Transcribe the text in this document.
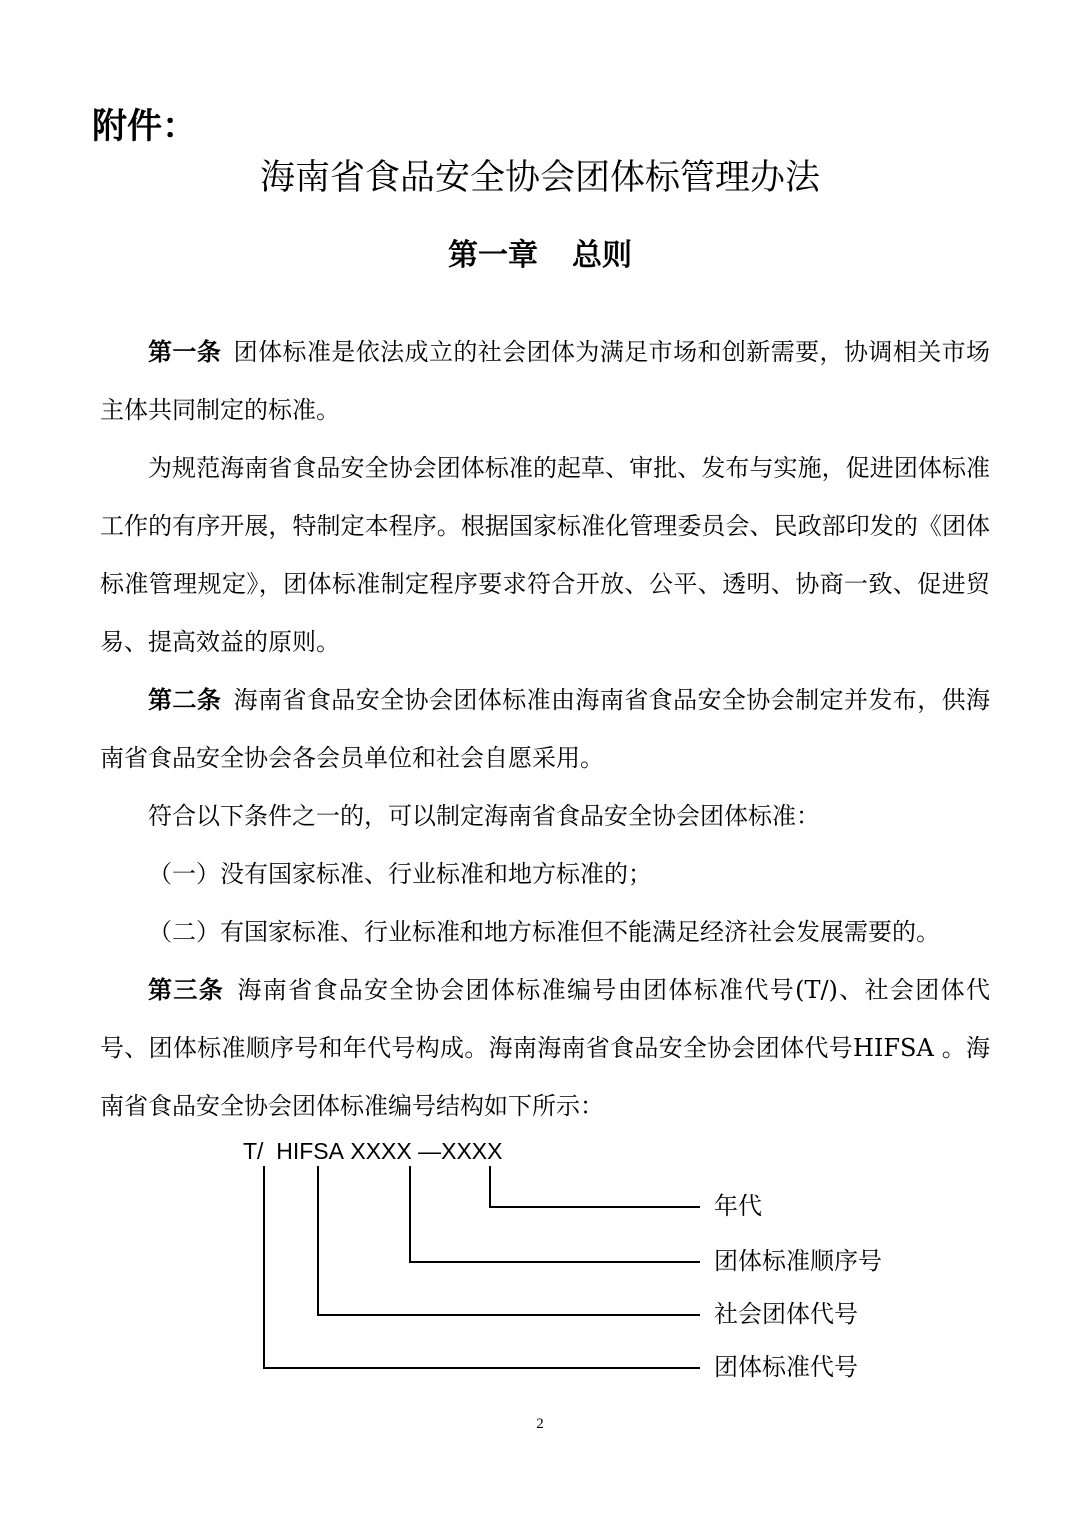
附件：
海南省食品安全协会团体标管理办法
第一章 总则

第一条 团体标准是依法成立的社会团体为满足市场和创新需要，协调相关市场主体共同制定的标准。

为规范海南省食品安全协会团体标准的起草、审批、发布与实施，促进团体标准工作的有序开展，特制定本程序。根据国家标准化管理委员会、民政部印发的《团体标准管理规定》，团体标准制定程序要求符合开放、公平、透明、协商一致、促进贸易、提高效益的原则。

第二条 海南省食品安全协会团体标准由海南省食品安全协会制定并发布，供海南省食品安全协会各会员单位和社会自愿采用。

符合以下条件之一的，可以制定海南省食品安全协会团体标准：

（一）没有国家标准、行业标准和地方标准的；

（二）有国家标准、行业标准和地方标准但不能满足经济社会发展需要的。

第三条 海南省食品安全协会团体标准编号由团体标准代号(T/)、社会团体代号、团体标准顺序号和年代号构成。海南海南省食品安全协会团体代号HIFSA 。海南省食品安全协会团体标准编号结构如下所示：

T/ HIFSA XXXX —XXXX
年代
团体标准顺序号
社会团体代号
团体标准代号
2
